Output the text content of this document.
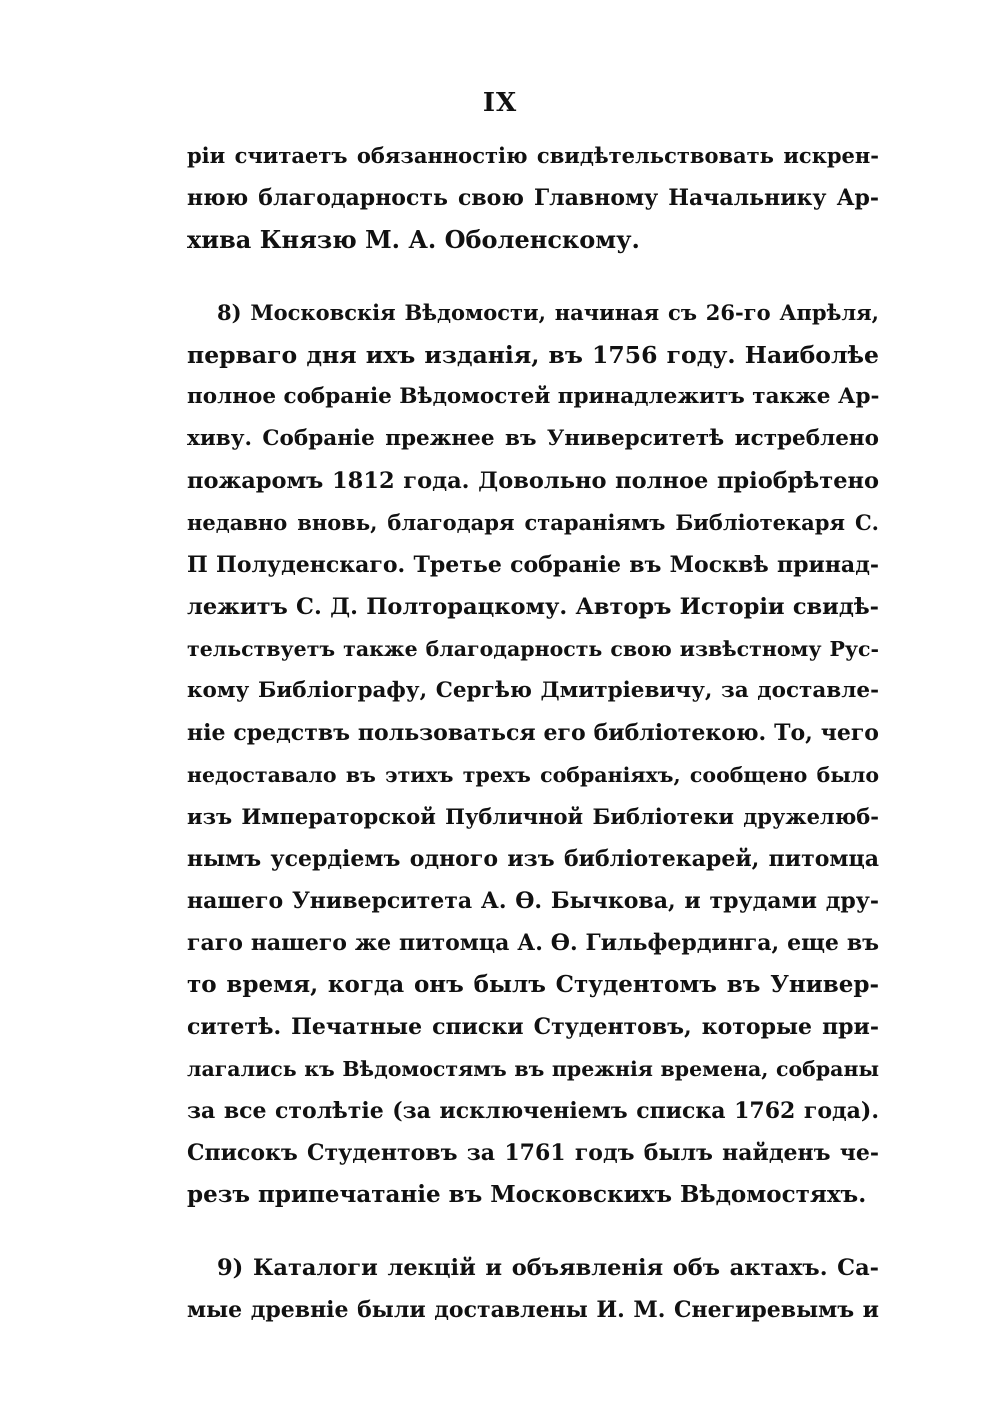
IX
рiи считаетъ обязанностiю свидѣтельствовать искрен-
нюю благодарность свою Главному Начальнику Ар-
хива Князю М. А. Оболенскому.
8) Московскiя Вѣдомости, начиная съ 26-го Апрѣля,
перваго дня ихъ изданiя, въ 1756 году. Наиболѣе
полное собранiе Вѣдомостей принадлежитъ также Ар-
хиву. Собранiе прежнее въ Университетѣ истреблено
пожаромъ 1812 года. Довольно полное прiобрѣтено
недавно вновь, благодаря старанiямъ Библiотекаря С.
П Полуденскаго. Третье собранiе въ Москвѣ принад-
лежитъ С. Д. Полторацкому. Авторъ Исторiи свидѣ-
тельствуетъ также благодарность свою извѣстному Рус-
кому Библiографу, Сергѣю Дмитрiевичу, за доставле-
нiе средствъ пользоваться его библiотекою. То, чего
недоставало въ этихъ трехъ собранiяхъ, сообщено было
изъ Императорской Публичной Библiотеки дружелюб-
нымъ усердiемъ одного изъ библiотекарей, питомца
нашего Университета А. Ѳ. Бычкова, и трудами дру-
гаго нашего же питомца А. Ѳ. Гильфердинга, еще въ
то время, когда онъ былъ Студентомъ въ Универ-
ситетѣ. Печатные списки Студентовъ, которые при-
лагались къ Вѣдомостямъ въ прежнiя времена, собраны
за все столѣтiе (за исключенiемъ списка 1762 года).
Списокъ Студентовъ за 1761 годъ былъ найденъ че-
резъ припечатанiе въ Московскихъ Вѣдомостяхъ.
9) Каталоги лекцiй и объявленiя объ актахъ. Са-
мые древнiе были доставлены И. М. Снегиревымъ и
